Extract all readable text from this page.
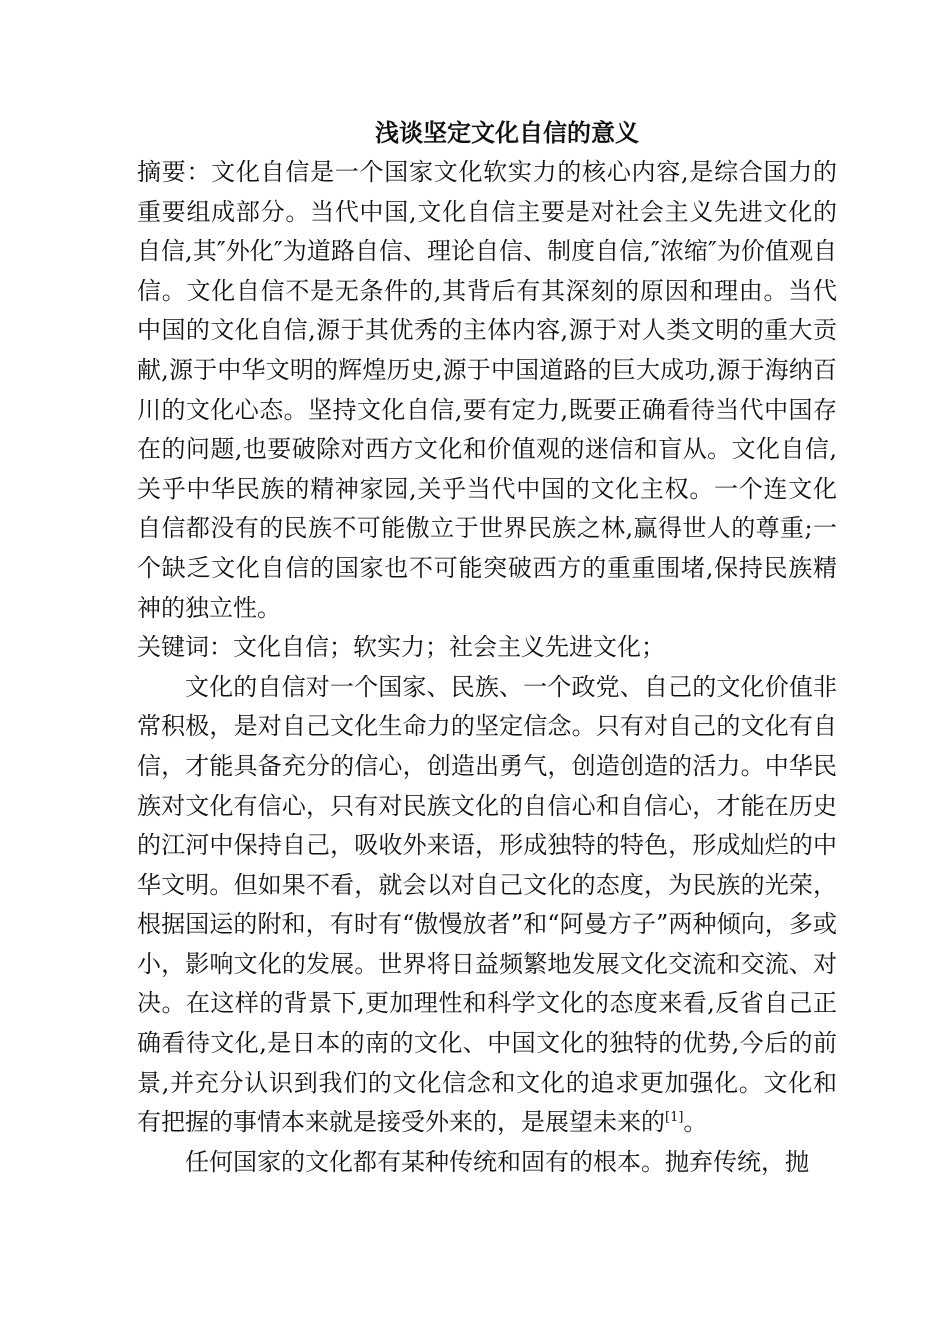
浅谈坚定文化自信的意义

摘要：文化自信是一个国家文化软实力的核心内容,是综合国力的重要组成部分。当代中国,文化自信主要是对社会主义先进文化的自信,其″外化″为道路自信、理论自信、制度自信,″浓缩″为价值观自信。文化自信不是无条件的,其背后有其深刻的原因和理由。当代中国的文化自信,源于其优秀的主体内容,源于对人类文明的重大贡献,源于中华文明的辉煌历史,源于中国道路的巨大成功,源于海纳百川的文化心态。坚持文化自信,要有定力,既要正确看待当代中国存在的问题,也要破除对西方文化和价值观的迷信和盲从。文化自信,关乎中华民族的精神家园,关乎当代中国的文化主权。一个连文化自信都没有的民族不可能傲立于世界民族之林,赢得世人的尊重;一个缺乏文化自信的国家也不可能突破西方的重重围堵,保持民族精神的独立性。

关键词：文化自信；软实力；社会主义先进文化；

文化的自信对一个国家、民族、一个政党、自己的文化价值非常积极，是对自己文化生命力的坚定信念。只有对自己的文化有自信，才能具备充分的信心，创造出勇气，创造创造的活力。中华民族对文化有信心，只有对民族文化的自信心和自信心，才能在历史的江河中保持自己，吸收外来语，形成独特的特色，形成灿烂的中华文明。但如果不看，就会以对自己文化的态度，为民族的光荣，根据国运的附和，有时有“傲慢放者”和“阿曼方子”两种倾向，多或小，影响文化的发展。世界将日益频繁地发展文化交流和交流、对决。在这样的背景下,更加理性和科学文化的态度来看,反省自己正确看待文化,是日本的南的文化、中国文化的独特的优势,今后的前景,并充分认识到我们的文化信念和文化的追求更加强化。文化和有把握的事情本来就是接受外来的，是展望未来的[1]。

任何国家的文化都有某种传统和固有的根本。抛弃传统，抛
